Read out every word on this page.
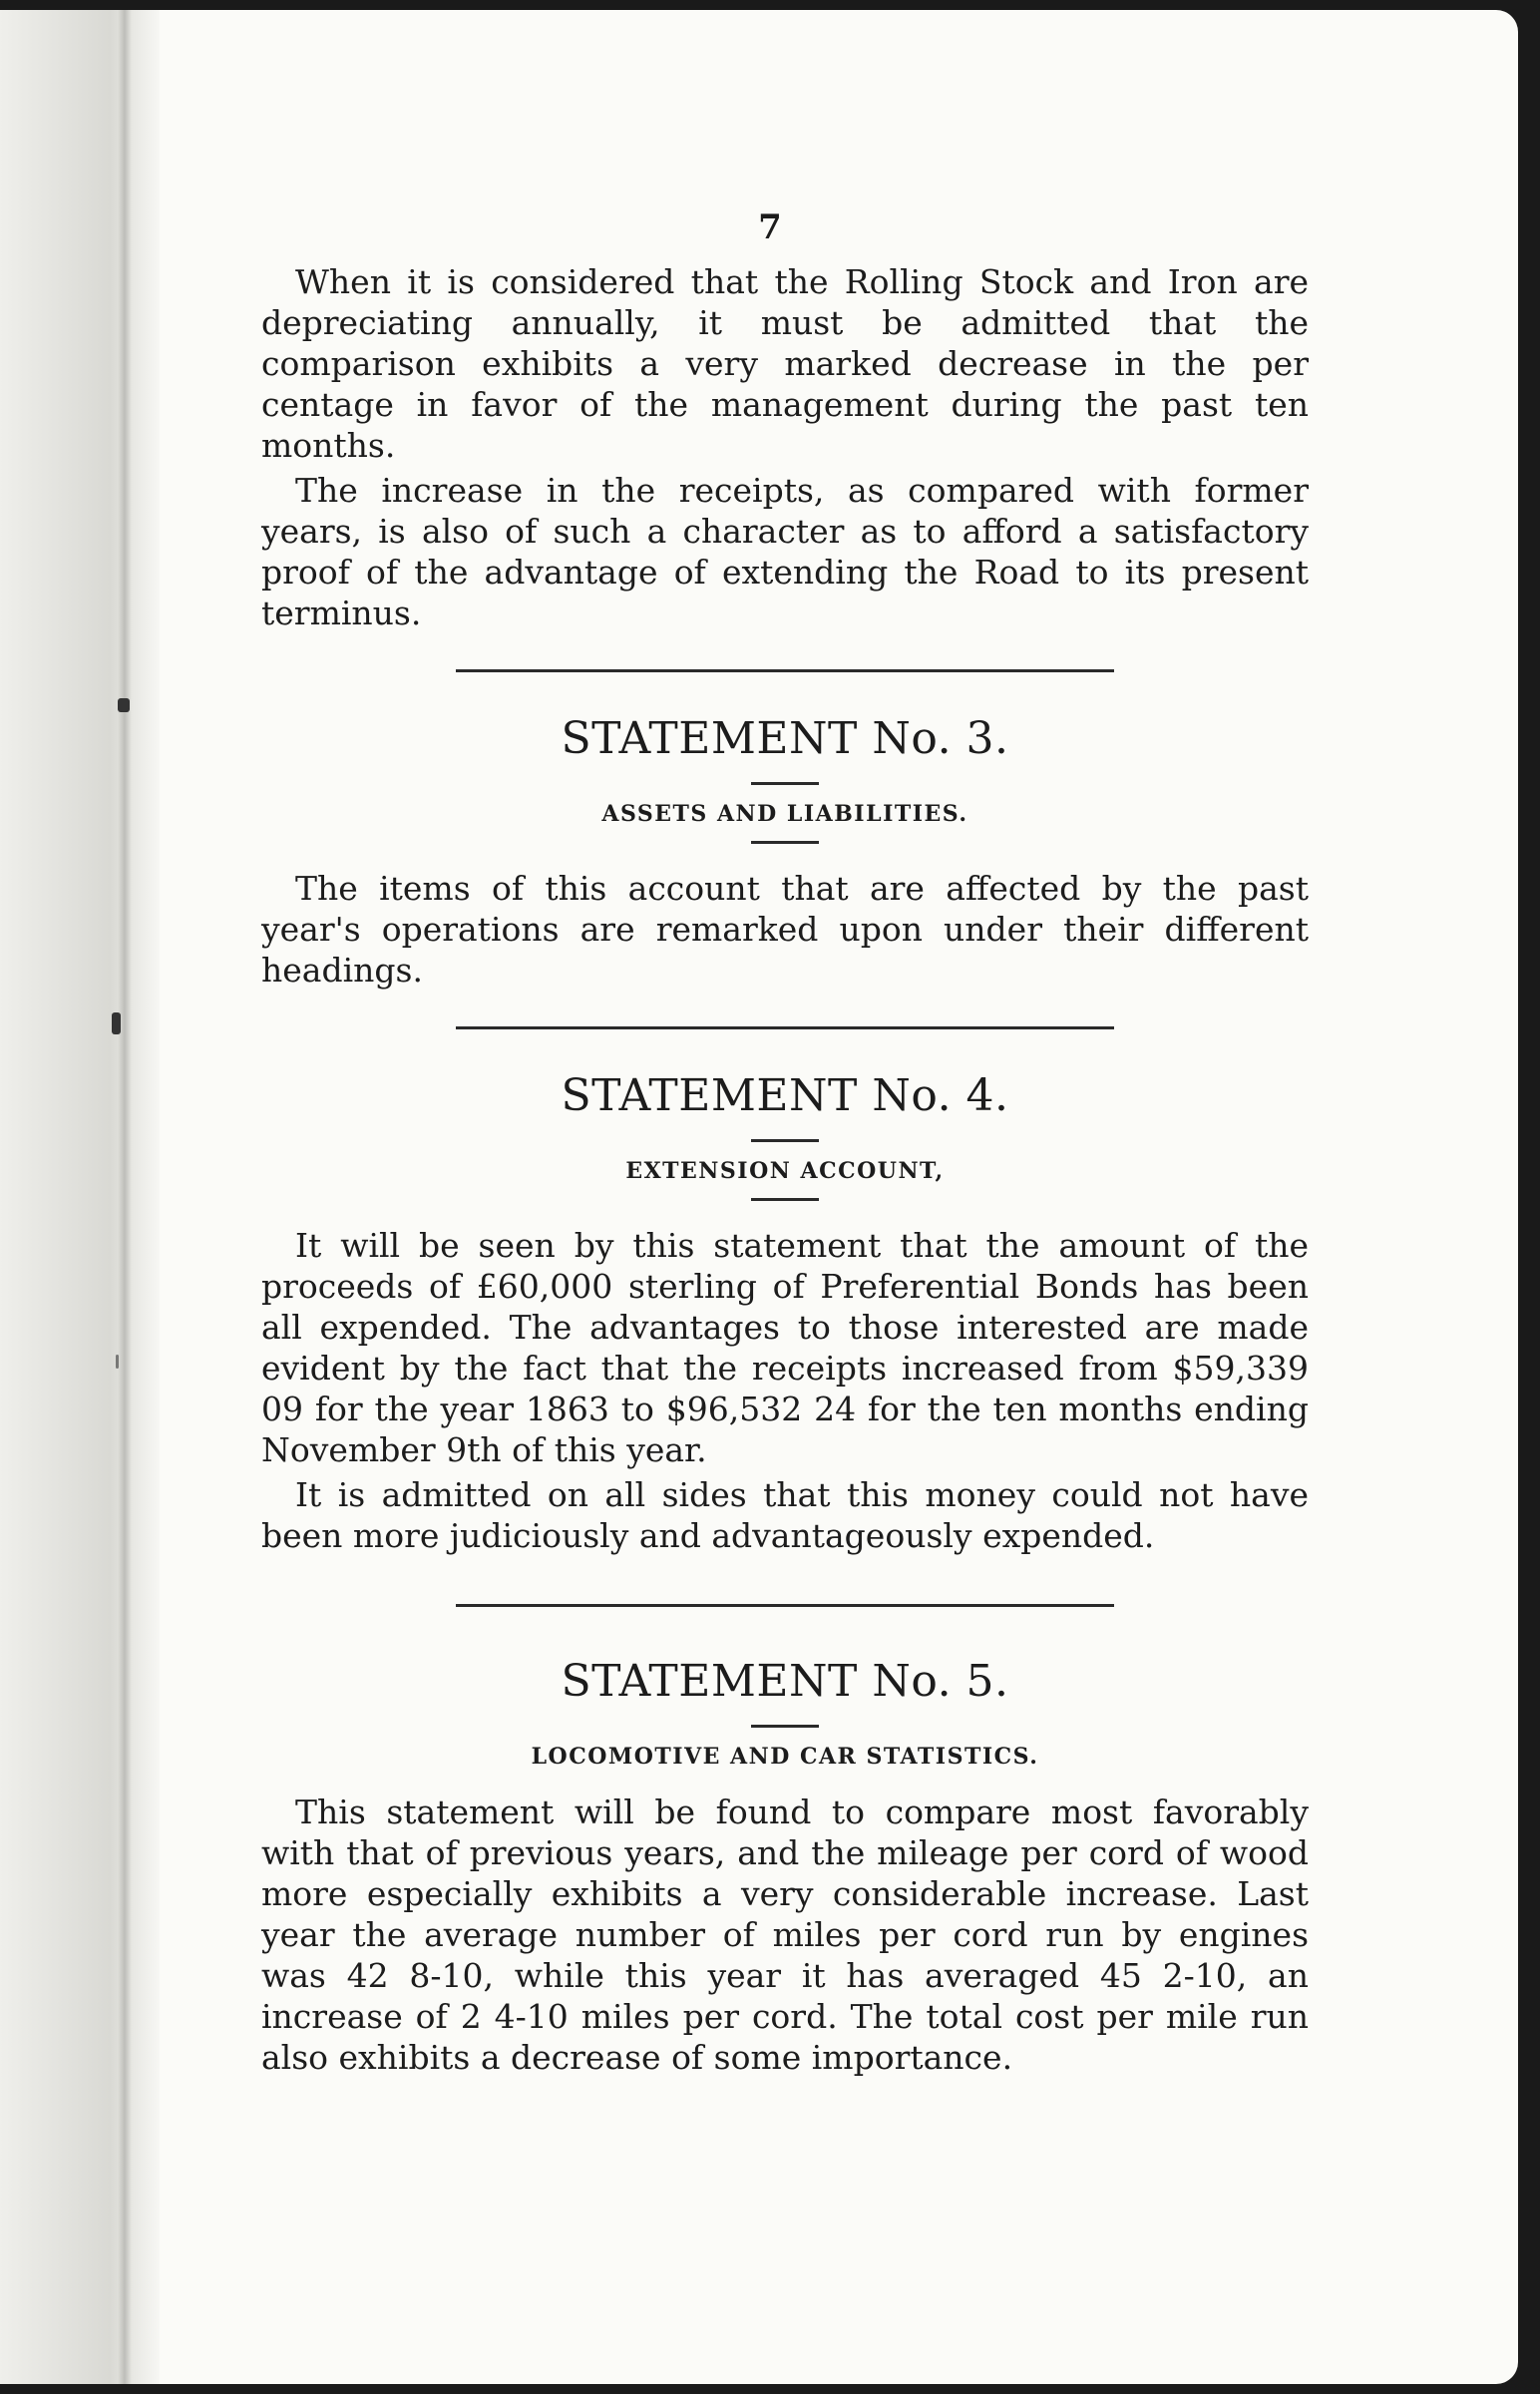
7

When it is considered that the Rolling Stock and Iron are depreciating annually, it must be admitted that the comparison exhibits a very marked decrease in the per centage in favor of the management during the past ten months.

The increase in the receipts, as compared with former years, is also of such a character as to afford a satisfactory proof of the advantage of extending the Road to its present terminus.

STATEMENT No. 3.

ASSETS AND LIABILITIES.

The items of this account that are affected by the past year's operations are remarked upon under their different headings.

STATEMENT No. 4.

EXTENSION ACCOUNT,

It will be seen by this statement that the amount of the proceeds of £60,000 sterling of Preferential Bonds has been all expended. The advantages to those interested are made evident by the fact that the receipts increased from $59,339 09 for the year 1863 to $96,532 24 for the ten months ending November 9th of this year.

It is admitted on all sides that this money could not have been more judiciously and advantageously expended.

STATEMENT No. 5.

LOCOMOTIVE AND CAR STATISTICS.

This statement will be found to compare most favorably with that of previous years, and the mileage per cord of wood more especially exhibits a very considerable increase. Last year the average number of miles per cord run by engines was 42 8-10, while this year it has averaged 45 2-10, an increase of 2 4-10 miles per cord. The total cost per mile run also exhibits a decrease of some importance.
